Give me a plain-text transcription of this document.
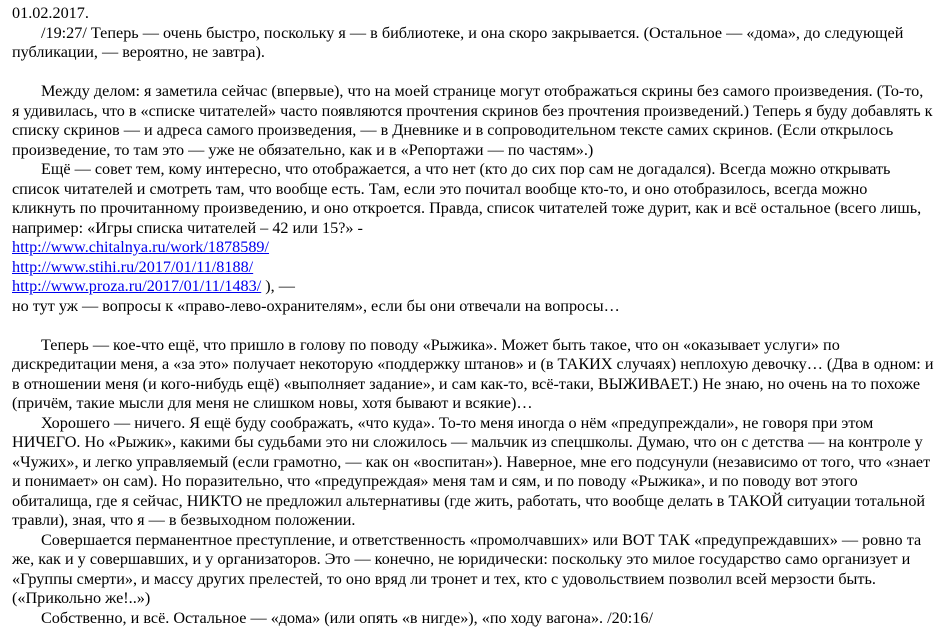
01.02.2017.

/19:27/ Теперь — очень быстро, поскольку я — в библиотеке, и она скоро закрывается. (Остальное — «дома», до следующей публикации, — вероятно, не завтра).

Между делом: я заметила сейчас (впервые), что на моей странице могут отображаться скрины без самого произведения. (То-то, я удивилась, что в «списке читателей» часто появляются прочтения скринов без прочтения произведений.) Теперь я буду добавлять к списку скринов — и адреса самого произведения, — в Дневнике и в сопроводительном тексте самих скринов. (Если открылось произведение, то там это — уже не обязательно, как и в «Репортажи — по частям».)

Ещё — совет тем, кому интересно, что отображается, а что нет (кто до сих пор сам не догадался). Всегда можно открывать список читателей и смотреть там, что вообще есть. Там, если это почитал вообще кто-то, и оно отобразилось, всегда можно кликнуть по прочитанному произведению, и оно откроется. Правда, список читателей тоже дурит, как и всё остальное (всего лишь, например: «Игры списка читателей – 42 или 15?» -

http://www.chitalnya.ru/work/1878589/

http://www.stihi.ru/2017/01/11/8188/

http://www.proza.ru/2017/01/11/1483/ ), —

но тут уж — вопросы к «право-лево-охранителям», если бы они отвечали на вопросы…

Теперь — кое-что ещё, что пришло в голову по поводу «Рыжика». Может быть такое, что он «оказывает услуги» по дискредитации меня, а «за это» получает некоторую «поддержку штанов» и (в ТАКИХ случаях) неплохую девочку… (Два в одном: и в отношении меня (и кого-нибудь ещё) «выполняет задание», и сам как-то, всё-таки, ВЫЖИВАЕТ.) Не знаю, но очень на то похоже (причём, такие мысли для меня не слишком новы, хотя бывают и всякие)…

Хорошего — ничего. Я ещё буду соображать, «что куда». То-то меня иногда о нём «предупреждали», не говоря при этом НИЧЕГО. Но «Рыжик», какими бы судьбами это ни сложилось — мальчик из спецшколы. Думаю, что он с детства — на контроле у «Чужих», и легко управляемый (если грамотно, — как он «воспитан»). Наверное, мне его подсунули (независимо от того, что «знает и понимает» он сам). Но поразительно, что «предупреждая» меня там и сям, и по поводу «Рыжика», и по поводу вот этого обиталища, где я сейчас, НИКТО не предложил альтернативы (где жить, работать, что вообще делать в ТАКОЙ ситуации тотальной травли), зная, что я — в безвыходном положении.

Совершается перманентное преступление, и ответственность «промолчавших» или ВОТ ТАК «предупреждавших» — ровно та же, как и у совершавших, и у организаторов. Это — конечно, не юридически: поскольку это милое государство само организует и «Группы смерти», и массу других прелестей, то оно вряд ли тронет и тех, кто с удовольствием позволил всей мерзости быть. («Прикольно же!..»)

Собственно, и всё. Остальное — «дома» (или опять «в нигде»), «по ходу вагона». /20:16/
